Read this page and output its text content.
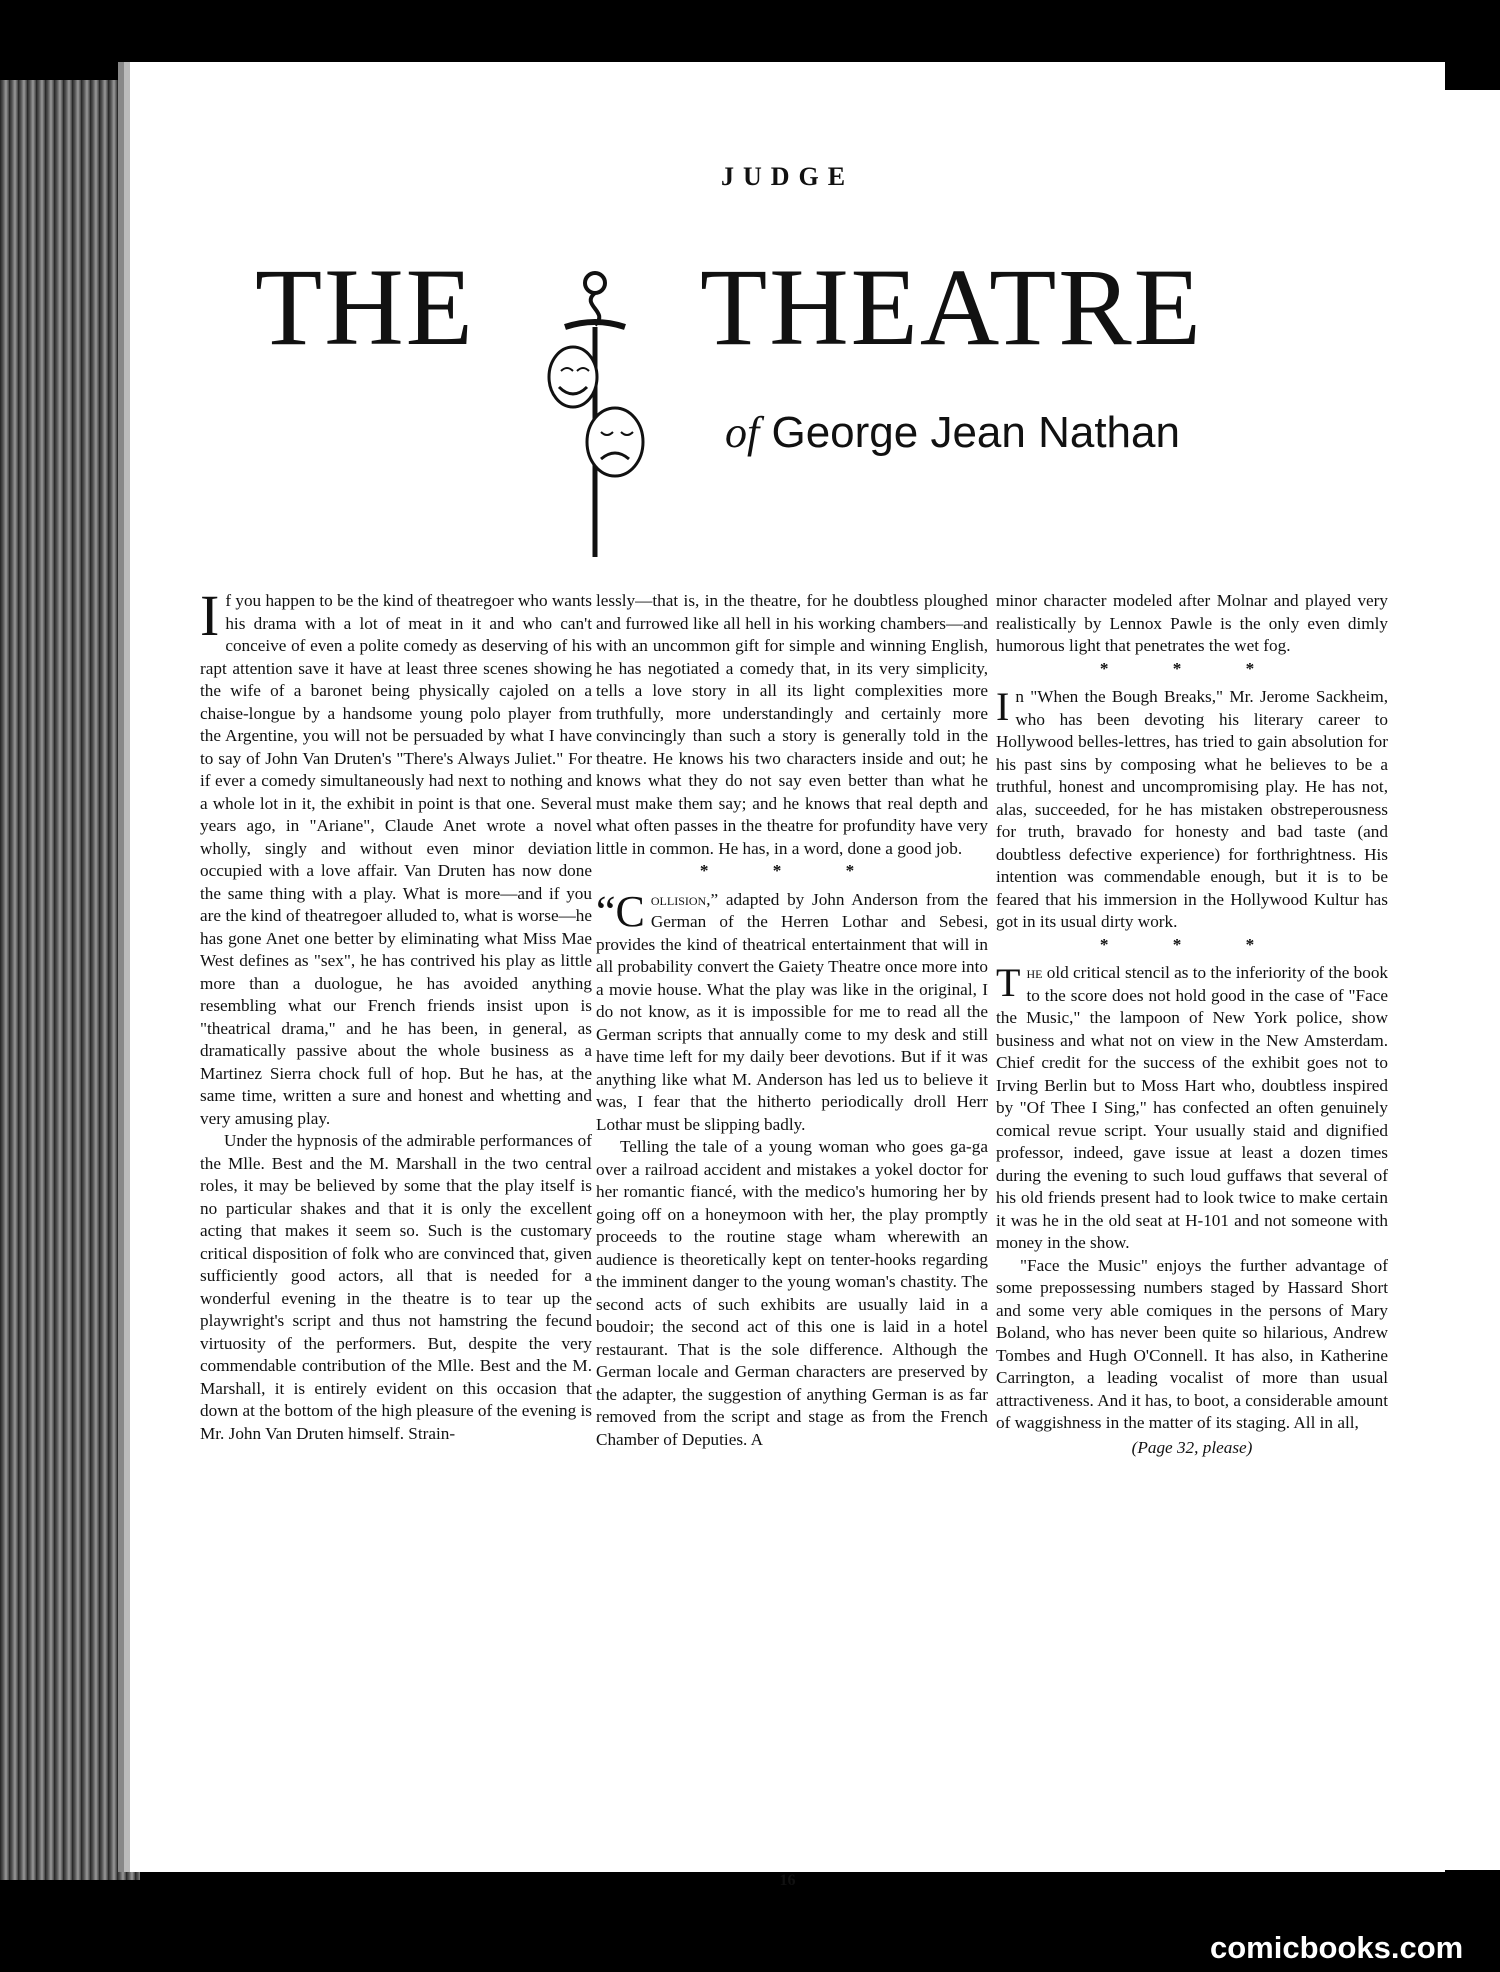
JUDGE
THE THEATRE
of George Jean Nathan

If you happen to be the kind of theatregoer who wants his drama with a lot of meat in it and who can't conceive of even a polite comedy as deserving of his rapt attention save it have at least three scenes showing the wife of a baronet being physically cajoled on a chaise-longue by a handsome young polo player from the Argentine, you will not be persuaded by what I have to say of John Van Druten's "There's Always Juliet." For if ever a comedy simultaneously had next to nothing and a whole lot in it, the exhibit in point is that one. Several years ago, in "Ariane", Claude Anet wrote a novel wholly, singly and without even minor deviation occupied with a love affair. Van Druten has now done the same thing with a play. What is more—and if you are the kind of theatregoer alluded to, what is worse—he has gone Anet one better by eliminating what Miss Mae West defines as "sex", he has contrived his play as little more than a duologue, he has avoided anything resembling what our French friends insist upon is "theatrical drama," and he has been, in general, as dramatically passive about the whole business as a Martinez Sierra chock full of hop. But he has, at the same time, written a sure and honest and whetting and very amusing play.

Under the hypnosis of the admirable performances of the Mlle. Best and the M. Marshall in the two central roles, it may be believed by some that the play itself is no particular shakes and that it is only the excellent acting that makes it seem so. Such is the customary critical disposition of folk who are convinced that, given sufficiently good actors, all that is needed for a wonderful evening in the theatre is to tear up the playwright's script and thus not hamstring the fecund virtuosity of the performers. But, despite the very commendable contribution of the Mlle. Best and the M. Marshall, it is entirely evident on this occasion that down at the bottom of the high pleasure of the evening is Mr. John Van Druten himself. Strain-

lessly—that is, in the theatre, for he doubtless ploughed and furrowed like all hell in his working chambers—and with an uncommon gift for simple and winning English, he has negotiated a comedy that, in its very simplicity, tells a love story in all its light complexities more truthfully, more understandingly and certainly more convincingly than such a story is generally told in the theatre. He knows his two characters inside and out; he knows what they do not say even better than what he must make them say; and he knows that real depth and what often passes in the theatre for profundity have very little in common. He has, in a word, done a good job.

* * *

“Collision,” adapted by John Anderson from the German of the Herren Lothar and Sebesi, provides the kind of theatrical entertainment that will in all probability convert the Gaiety Theatre once more into a movie house. What the play was like in the original, I do not know, as it is impossible for me to read all the German scripts that annually come to my desk and still have time left for my daily beer devotions. But if it was anything like what M. Anderson has led us to believe it was, I fear that the hitherto periodically droll Herr Lothar must be slipping badly.

Telling the tale of a young woman who goes ga-ga over a railroad accident and mistakes a yokel doctor for her romantic fiancé, with the medico's humoring her by going off on a honeymoon with her, the play promptly proceeds to the routine stage wham wherewith an audience is theoretically kept on tenter-hooks regarding the imminent danger to the young woman's chastity. The second acts of such exhibits are usually laid in a boudoir; the second act of this one is laid in a hotel restaurant. That is the sole difference. Although the German locale and German characters are preserved by the adapter, the suggestion of anything German is as far removed from the script and stage as from the French Chamber of Deputies. A

minor character modeled after Molnar and played very realistically by Lennox Pawle is the only even dimly humorous light that penetrates the wet fog.

* * *

In "When the Bough Breaks," Mr. Jerome Sackheim, who has been devoting his literary career to Hollywood belles-lettres, has tried to gain absolution for his past sins by composing what he believes to be a truthful, honest and uncompromising play. He has not, alas, succeeded, for he has mistaken obstreperousness for truth, bravado for honesty and bad taste (and doubtless defective experience) for forthrightness. His intention was commendable enough, but it is to be feared that his immersion in the Hollywood Kultur has got in its usual dirty work.

* * *

The old critical stencil as to the inferiority of the book to the score does not hold good in the case of "Face the Music," the lampoon of New York police, show business and what not on view in the New Amsterdam. Chief credit for the success of the exhibit goes not to Irving Berlin but to Moss Hart who, doubtless inspired by "Of Thee I Sing," has confected an often genuinely comical revue script. Your usually staid and dignified professor, indeed, gave issue at least a dozen times during the evening to such loud guffaws that several of his old friends present had to look twice to make certain it was he in the old seat at H-101 and not someone with money in the show.

"Face the Music" enjoys the further advantage of some prepossessing numbers staged by Hassard Short and some very able comiques in the persons of Mary Boland, who has never been quite so hilarious, Andrew Tombes and Hugh O'Connell. It has also, in Katherine Carrington, a leading vocalist of more than usual attractiveness. And it has, to boot, a considerable amount of waggishness in the matter of its staging. All in all,

(Page 32, please)

16
comicbooks.com
